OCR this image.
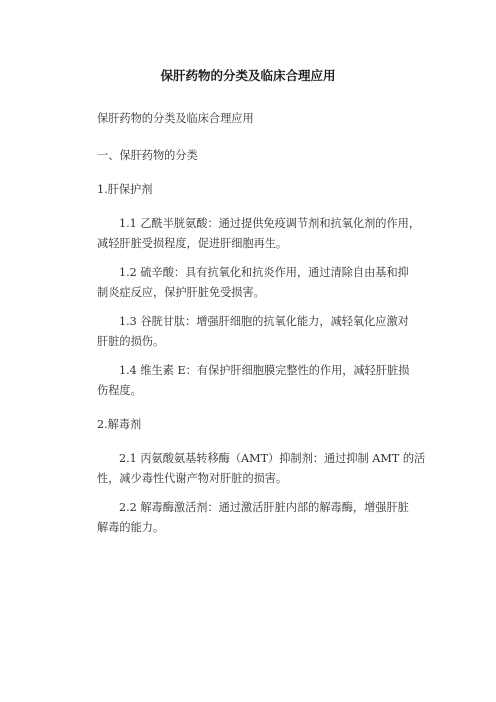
保肝药物的分类及临床合理应用
保肝药物的分类及临床合理应用
一、保肝药物的分类
1.肝保护剂
1.1 乙酰半胱氨酸：通过提供免疫调节剂和抗氧化剂的作用，
减轻肝脏受损程度，促进肝细胞再生。
1.2 硫辛酸：具有抗氧化和抗炎作用，通过清除自由基和抑
制炎症反应，保护肝脏免受损害。
1.3 谷胱甘肽：增强肝细胞的抗氧化能力，减轻氧化应激对
肝脏的损伤。
1.4 维生素 E：有保护肝细胞膜完整性的作用，减轻肝脏损
伤程度。
2.解毒剂
2.1 丙氨酸氨基转移酶（AMT）抑制剂：通过抑制 AMT 的活
性，减少毒性代谢产物对肝脏的损害。
2.2 解毒酶激活剂：通过激活肝脏内部的解毒酶，增强肝脏
解毒的能力。
